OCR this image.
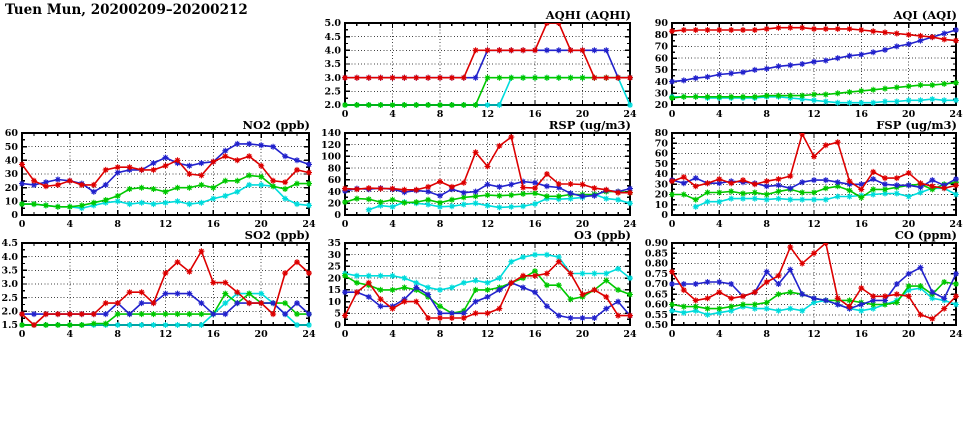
Tuen Mun, 20200209–20200212
2.0
2.5
3.0
3.5
4.0
4.5
5.0
0	4	8	12	16	20	24
AQHI (AQHI)
20
30
40
50
60
70
80
90
0	4	8	12	16	20	24
AQI (AQI)
0
10
20
30
40
50
60
0	4	8	12	16	20	24
NO2 (ppb)
0
20
40
60
80
100
120
140
0	4	8	12	16	20	24
RSP (ug/m3)
0
10
20
30
40
50
60
70
80
0	4	8	12	16	20	24
FSP (ug/m3)
1.5
2.0
2.5
3.0
3.5
4.0
4.5
0	4	8	12	16	20	24
SO2 (ppb)
0
5
10
15
20
25
30
35
0	4	8	12	16	20	24
O3 (ppb)
0.50
0.55
0.60
0.65
0.70
0.75
0.80
0.85
0.90
0	4	8	12	16	20	24
CO (ppm)
